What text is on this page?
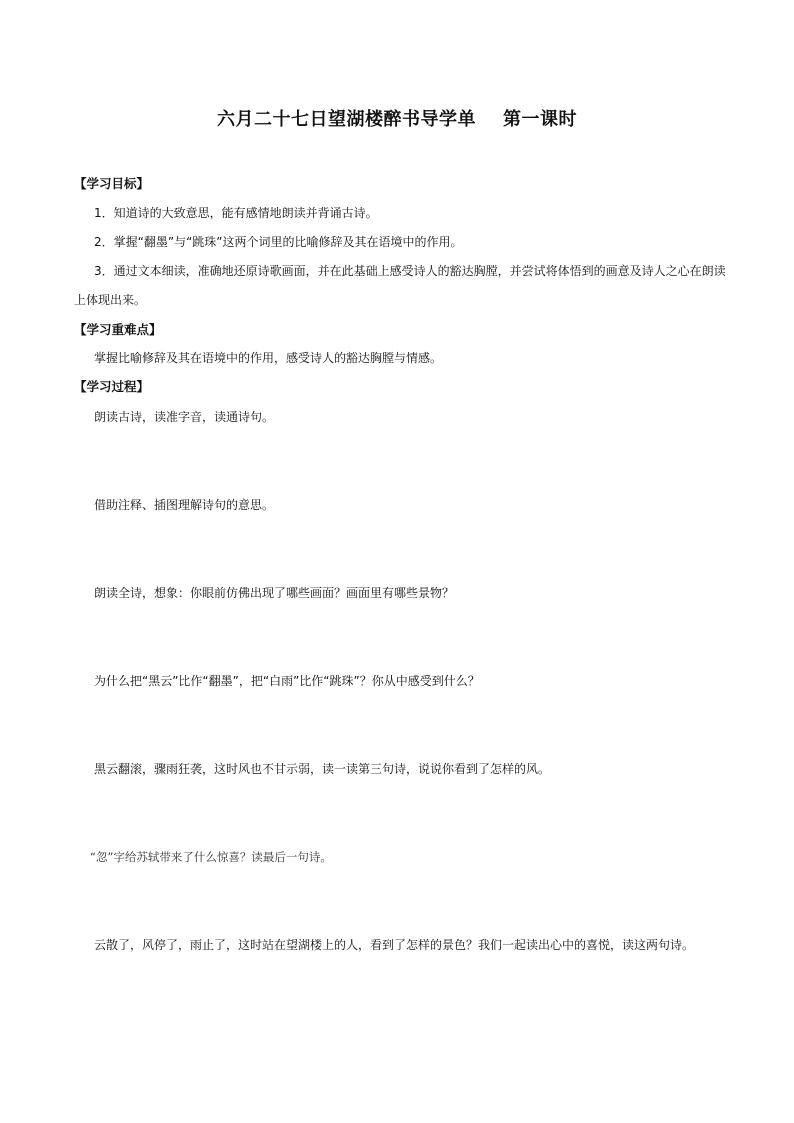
六月二十七日望湖楼醉书导学单    第一课时
【学习目标】
1．知道诗的大致意思，能有感情地朗读并背诵古诗。
2．掌握“翻墨”与“跳珠”这两个词里的比喻修辞及其在语境中的作用。
3．通过文本细读，准确地还原诗歌画面，并在此基础上感受诗人的豁达胸膛，并尝试将体悟到的画意及诗人之心在朗读
上体现出来。
【学习重难点】
掌握比喻修辞及其在语境中的作用，感受诗人的豁达胸膛与情感。
【学习过程】
朗读古诗，读准字音，读通诗句。
借助注释、插图理解诗句的意思。
朗读全诗，想象：你眼前仿佛出现了哪些画面？画面里有哪些景物？
为什么把“黑云”比作“翻墨”，把“白雨”比作“跳珠”？你从中感受到什么？
黑云翻滚，骤雨狂袭，这时风也不甘示弱，读一读第三句诗，说说你看到了怎样的风。
“忽”字给苏轼带来了什么惊喜？读最后一句诗。
云散了，风停了，雨止了，这时站在望湖楼上的人，看到了怎样的景色？我们一起读出心中的喜悦，读这两句诗。
